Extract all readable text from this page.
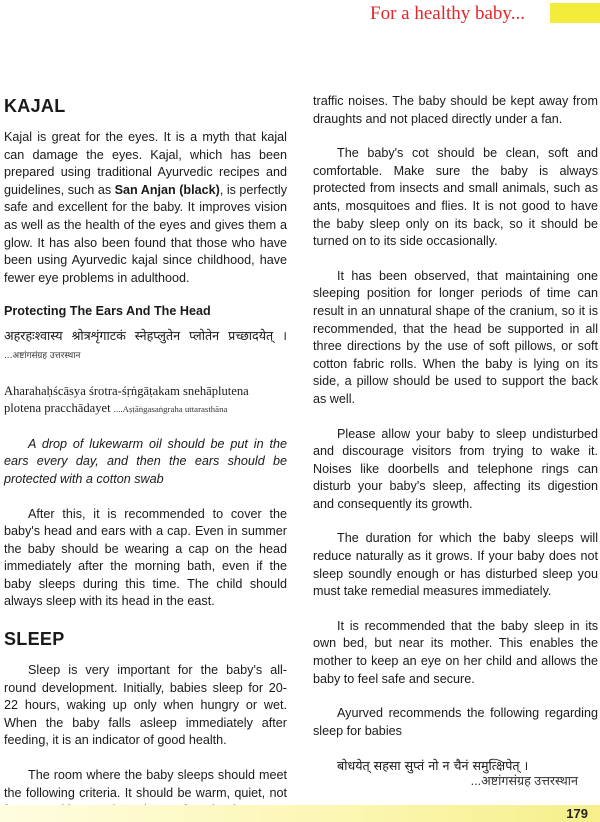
For a healthy baby...
KAJAL

Kajal is great for the eyes. It is a myth that kajal can damage the eyes. Kajal, which has been prepared using traditional Ayurvedic recipes and guidelines, such as San Anjan (black), is perfectly safe and excellent for the baby. It improves vision as well as the health of the eyes and gives them a glow. It has also been found that those who have been using Ayurvedic kajal since childhood, have fewer eye problems in adulthood.

Protecting The Ears And The Head

अहरहःश्वास्य श्रोत्रशृंगाटकं स्नेहप्लुतेन प्लोतेन प्रच्छादयेत्‌ । ...अष्टांगसंग्रह उत्तरस्थान

Aharahaḥścāsya śrotra-śṛṅgāṭakam snehāplutena
plotena pracchādayet ....Aṣṭāṅgasaṅgraha uttarasthāna

A drop of lukewarm oil should be put in the ears every day, and then the ears should be protected with a cotton swab

After this, it is recommended to cover the baby's head and ears with a cap. Even in summer the baby should be wearing a cap on the head immediately after the morning bath, even if the baby sleeps during this time. The child should always sleep with its head in the east.

SLEEP

Sleep is very important for the baby's all-round development. Initially, babies sleep for 20-22 hours, waking up only when hungry or wet. When the baby falls asleep immediately after feeding, it is an indicator of good health.

The room where the baby sleeps should meet the following criteria. It should be warm, quiet, not

traffic noises. The baby should be kept away from draughts and not placed directly under a fan.

The baby's cot should be clean, soft and comfortable. Make sure the baby is always protected from insects and small animals, such as ants, mosquitoes and flies. It is not good to have the baby sleep only on its back, so it should be turned on to its side occasionally.

It has been observed, that maintaining one sleeping position for longer periods of time can result in an unnatural shape of the cranium, so it is recommended, that the head be supported in all three directions by the use of soft pillows, or soft cotton fabric rolls. When the baby is lying on its side, a pillow should be used to support the back as well.

Please allow your baby to sleep undisturbed and discourage visitors from trying to wake it. Noises like doorbells and telephone rings can disturb your baby's sleep, affecting its digestion and consequently its growth.

The duration for which the baby sleeps will reduce naturally as it grows. If your baby does not sleep soundly enough or has disturbed sleep you must take remedial measures immediately.

It is recommended that the baby sleep in its own bed, but near its mother. This enables the mother to keep an eye on her child and allows the baby to feel safe and secure.

Ayurved recommends the following regarding sleep for babies

बोधयेत्‌ सहसा सुप्तं नो न चैनं समुत्क्षिपेत्‌ ।

...अष्टांगसंग्रह उत्तरस्थान

179
